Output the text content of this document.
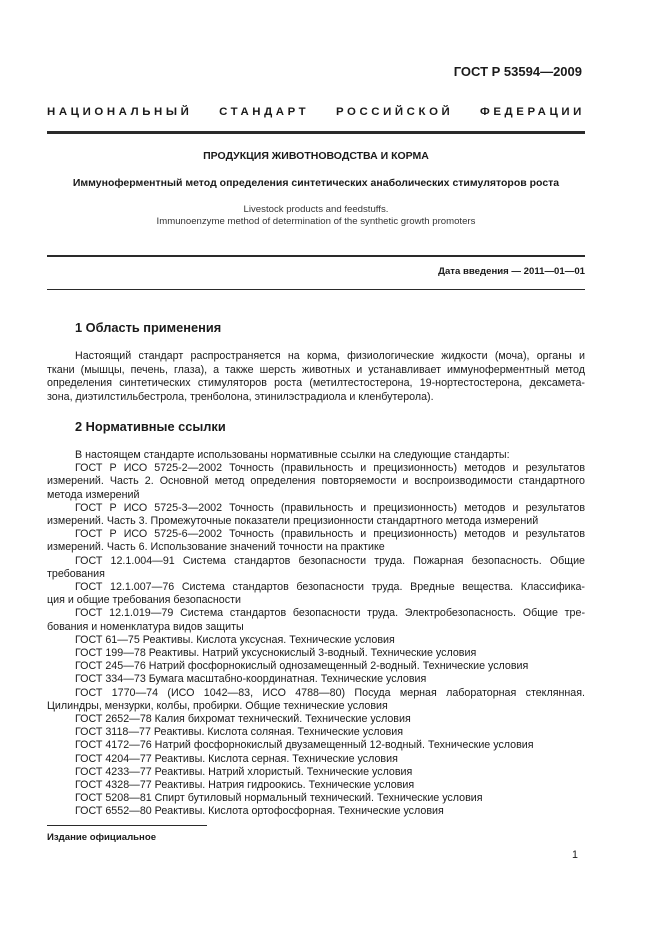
ГОСТ Р 53594—2009
НАЦИОНАЛЬНЫЙ СТАНДАРТ РОССИЙСКОЙ ФЕДЕРАЦИИ
ПРОДУКЦИЯ ЖИВОТНОВОДСТВА И КОРМА
Иммуноферментный метод определения синтетических анаболических стимуляторов роста
Livestock products and feedstuffs.
Immunoenzyme method of determination of the synthetic growth promoters
Дата введения — 2011—01—01
1 Область применения
Настоящий стандарт распространяется на корма, физиологические жидкости (моча), органы и
ткани (мышцы, печень, глаза), а также шерсть животных и устанавливает иммуноферментный метод
определения синтетических стимуляторов роста (метилтестостерона, 19-нортестостерона, дексамета-
зона, диэтилстильбестрола, тренболона, этинилэстрадиола и кленбутерола).
2 Нормативные ссылки
В настоящем стандарте использованы нормативные ссылки на следующие стандарты:
ГОСТ Р ИСО 5725-2—2002 Точность (правильность и прецизионность) методов и результатов
измерений. Часть 2. Основной метод определения повторяемости и воспроизводимости стандартного
метода измерений
ГОСТ Р ИСО 5725-3—2002 Точность (правильность и прецизионность) методов и результатов
измерений. Часть 3. Промежуточные показатели прецизионности стандартного метода измерений
ГОСТ Р ИСО 5725-6—2002 Точность (правильность и прецизионность) методов и результатов
измерений. Часть 6. Использование значений точности на практике
ГОСТ 12.1.004—91 Система стандартов безопасности труда. Пожарная безопасность. Общие
требования
ГОСТ 12.1.007—76 Система стандартов безопасности труда. Вредные вещества. Классифика-
ция и общие требования безопасности
ГОСТ 12.1.019—79 Система стандартов безопасности труда. Электробезопасность. Общие тре-
бования и номенклатура видов защиты
ГОСТ 61—75 Реактивы. Кислота уксусная. Технические условия
ГОСТ 199—78 Реактивы. Натрий уксуснокислый 3-водный. Технические условия
ГОСТ 245—76 Натрий фосфорнокислый однозамещенный 2-водный. Технические условия
ГОСТ 334—73 Бумага масштабно-координатная. Технические условия
ГОСТ 1770—74 (ИСО 1042—83, ИСО 4788—80) Посуда мерная лабораторная стеклянная.
Цилиндры, мензурки, колбы, пробирки. Общие технические условия
ГОСТ 2652—78 Калия бихромат технический. Технические условия
ГОСТ 3118—77 Реактивы. Кислота соляная. Технические условия
ГОСТ 4172—76 Натрий фосфорнокислый двузамещенный 12-водный. Технические условия
ГОСТ 4204—77 Реактивы. Кислота серная. Технические условия
ГОСТ 4233—77 Реактивы. Натрий хлористый. Технические условия
ГОСТ 4328—77 Реактивы. Натрия гидроокись. Технические условия
ГОСТ 5208—81 Спирт бутиловый нормальный технический. Технические условия
ГОСТ 6552—80 Реактивы. Кислота ортофосфорная. Технические условия
Издание официальное
1
